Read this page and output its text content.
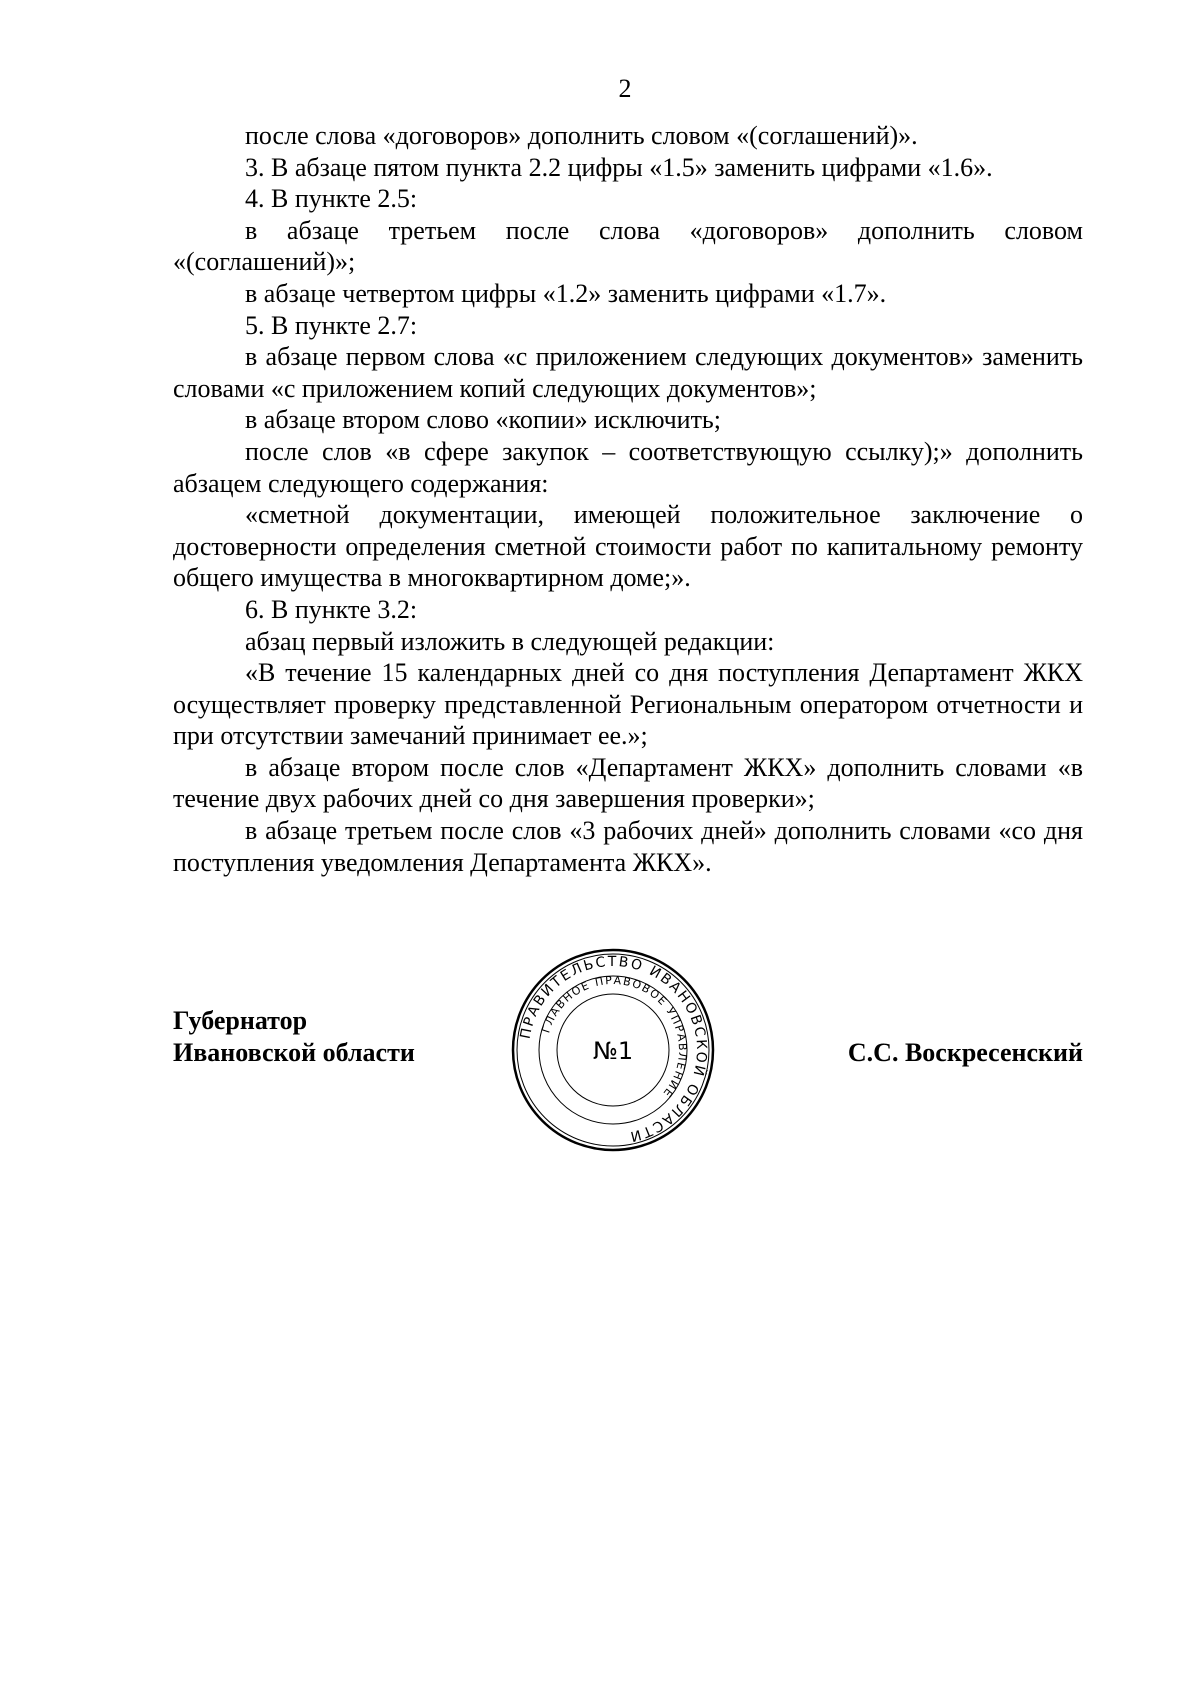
2

после слова «договоров» дополнить словом «(соглашений)».

3. В абзаце пятом пункта 2.2 цифры «1.5» заменить цифрами «1.6».

4. В пункте 2.5:

в абзаце третьем после слова «договоров» дополнить словом «(соглашений)»;

в абзаце четвертом цифры «1.2» заменить цифрами «1.7».

5. В пункте 2.7:

в абзаце первом слова «с приложением следующих документов» заменить словами «с приложением копий следующих документов»;

в абзаце втором слово «копии» исключить;

после слов «в сфере закупок – соответствующую ссылку);» дополнить абзацем следующего содержания:

«сметной документации, имеющей положительное заключение о достоверности определения сметной стоимости работ по капитальному ремонту общего имущества в многоквартирном доме;».

6. В пункте 3.2:

абзац первый изложить в следующей редакции:

«В течение 15 календарных дней со дня поступления Департамент ЖКХ осуществляет проверку представленной Региональным оператором отчетности и при отсутствии замечаний принимает ее.»;

в абзаце втором после слов «Департамент ЖКХ» дополнить словами «в течение двух рабочих дней со дня завершения проверки»;

в абзаце третьем после слов «3 рабочих дней» дополнить словами «со дня поступления уведомления Департамента ЖКХ».

Губернатор
Ивановской области	С.С. Воскресенский
ПРАВИТЕЛЬСТВО ИВАНОВСКОЙ ОБЛАСТИ
ГЛАВНОЕ ПРАВОВОЕ УПРАВЛЕНИЕ
№1
